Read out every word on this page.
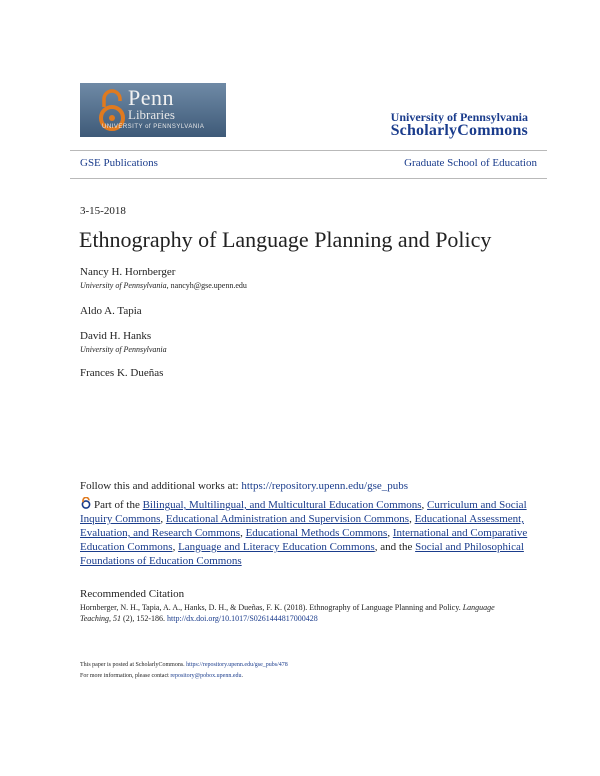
Penn
Libraries
UNIVERSITY of PENNSYLVANIA
University of Pennsylvania
ScholarlyCommons
GSE Publications	Graduate School of Education
3-15-2018
Ethnography of Language Planning and Policy
Nancy H. Hornberger
University of Pennsylvania, nancyh@gse.upenn.edu
Aldo A. Tapia
David H. Hanks
University of Pennsylvania
Frances K. Dueñas
Follow this and additional works at: https://repository.upenn.edu/gse_pubs
Part of the Bilingual, Multilingual, and Multicultural Education Commons, Curriculum and Social Inquiry Commons, Educational Administration and Supervision Commons, Educational Assessment, Evaluation, and Research Commons, Educational Methods Commons, International and Comparative Education Commons, Language and Literacy Education Commons, and the Social and Philosophical Foundations of Education Commons
Recommended Citation
Hornberger, N. H., Tapia, A. A., Hanks, D. H., & Dueñas, F. K. (2018). Ethnography of Language Planning and Policy. Language Teaching, 51 (2), 152-186. http://dx.doi.org/10.1017/S0261444817000428
This paper is posted at ScholarlyCommons. https://repository.upenn.edu/gse_pubs/478
For more information, please contact repository@pobox.upenn.edu.
